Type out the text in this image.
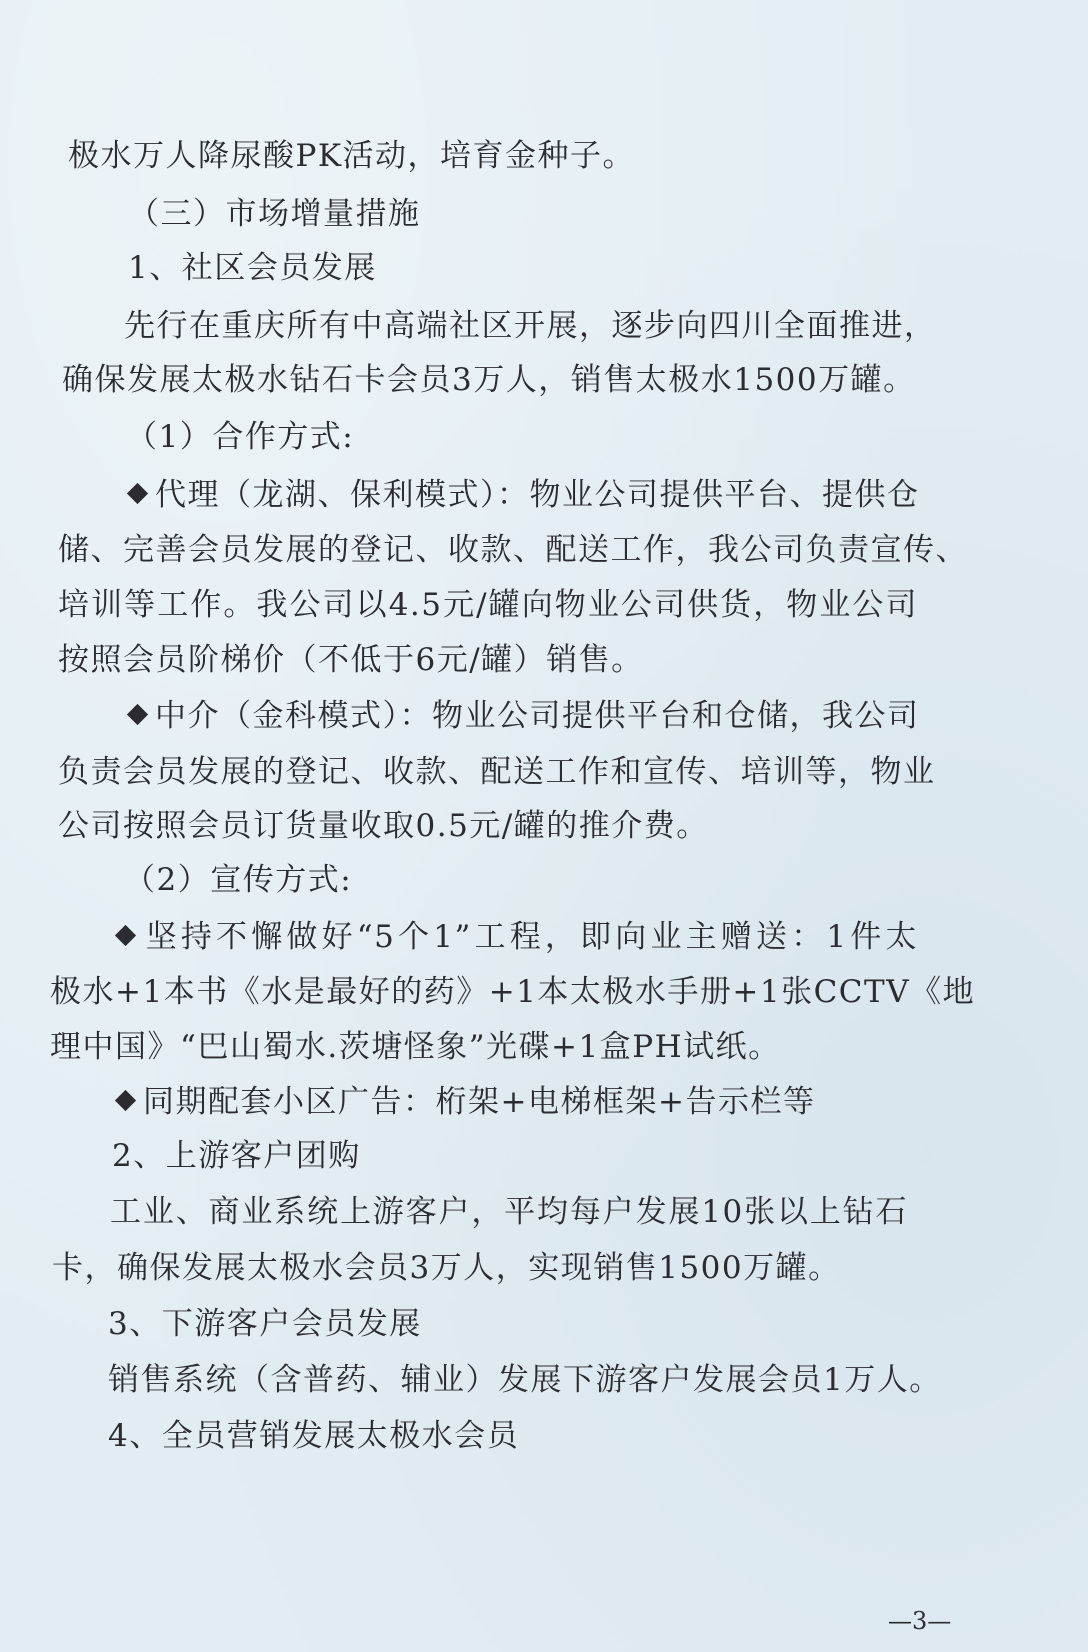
极水万人降尿酸PK活动，培育金种子。
（三）市场增量措施
1、社区会员发展
先行在重庆所有中高端社区开展，逐步向四川全面推进，
确保发展太极水钻石卡会员3万人，销售太极水1500万罐。
（1）合作方式:
代理（龙湖、保利模式）：物业公司提供平台、提供仓
储、完善会员发展的登记、收款、配送工作，我公司负责宣传、
培训等工作。我公司以4.5元/罐向物业公司供货，物业公司
按照会员阶梯价（不低于6元/罐）销售。
中介（金科模式）：物业公司提供平台和仓储，我公司
负责会员发展的登记、收款、配送工作和宣传、培训等，物业
公司按照会员订货量收取0.5元/罐的推介费。
（2）宣传方式:
坚持不懈做好“5个1”工程，即向业主赠送：1件太
极水+1本书《水是最好的药》+1本太极水手册+1张CCTV《地
理中国》“巴山蜀水.茨塘怪象”光碟+1盒PH试纸。
同期配套小区广告：桁架+电梯框架+告示栏等
2、上游客户团购
工业、商业系统上游客户，平均每户发展10张以上钻石
卡，确保发展太极水会员3万人，实现销售1500万罐。
3、下游客户会员发展
销售系统（含普药、辅业）发展下游客户发展会员1万人。
4、全员营销发展太极水会员
—3—
